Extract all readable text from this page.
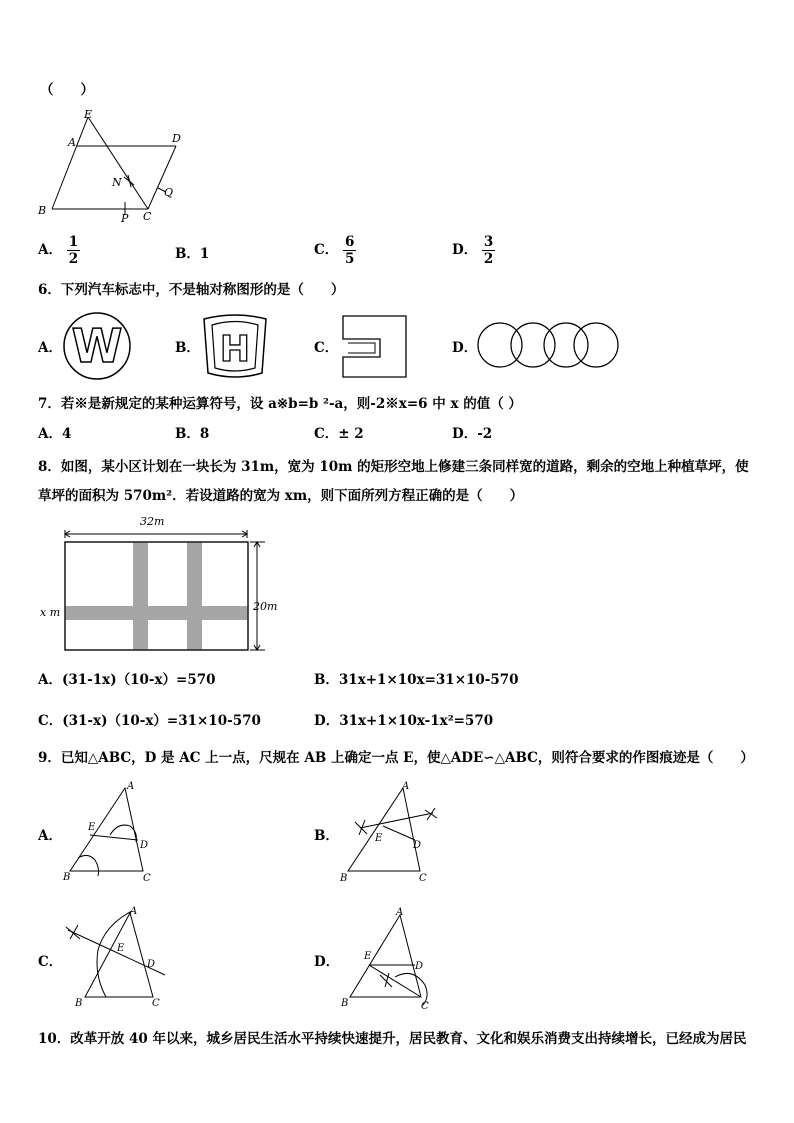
（　　）
E
A	D
N
Q
B
P C
A． $\frac{1}{2}$	B．1	C． $\frac{6}{5}$	D． $\frac{3}{2}$
6．下列汽车标志中，不是轴对称图形的是（　　）
A． W	B． H	C．	D．
7．若※是新规定的某种运算符号，设 a※b=b ²-a，则-2※x=6 中 x 的值（ ）
A．4	B．8	C．± 2	D．-2
8．如图，某小区计划在一块长为 31m，宽为 10m 的矩形空地上修建三条同样宽的道路，剩余的空地上种植草坪，使
草坪的面积为 570m²．若设道路的宽为 xm，则下面所列方程正确的是（　　）
32m
x m	20m
A．(31-1x)（10-x）=570	B．31x+1×10x=31×10-570
C．(31-x)（10-x）=31×10-570	D．31x+1×10x-1x²=570
9．已知△ABC，D 是 AC 上一点，尺规在 AB 上确定一点 E，使△ADE∽△ABC，则符合要求的作图痕迹是（　　）
A．
A
B	C
D
E
B．
A
B	C
D
E
C．
A
B	C
D
E
D．
A
B	C
D
E
10．改革开放 40 年以来，城乡居民生活水平持续快速提升，居民教育、文化和娱乐消费支出持续增长，已经成为居民
